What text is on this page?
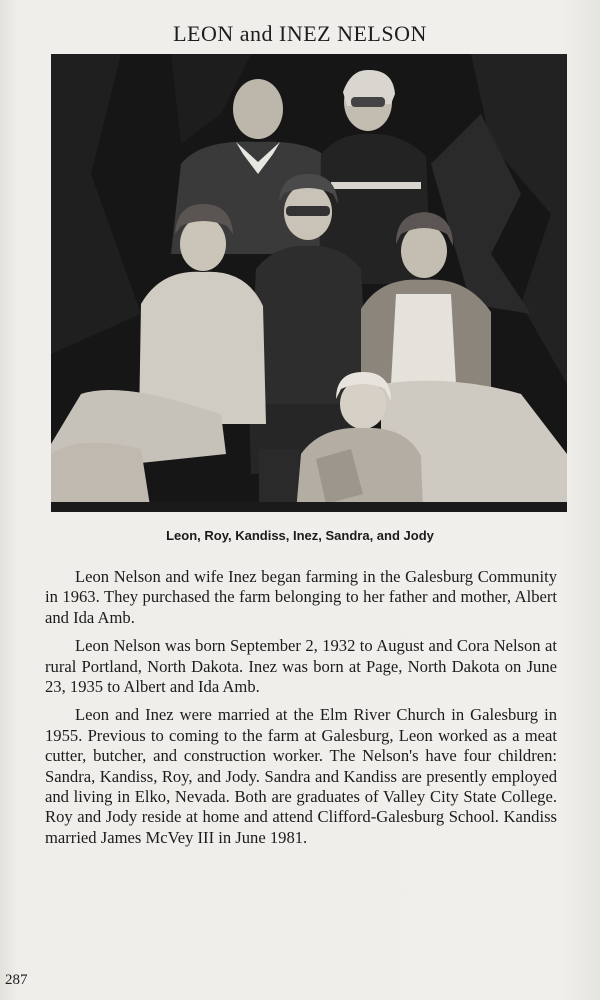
LEON and INEZ NELSON
Leon, Roy, Kandiss, Inez, Sandra, and Jody

Leon Nelson and wife Inez began farming in the Galesburg Community in 1963. They purchased the farm belonging to her father and mother, Albert and Ida Amb.

Leon Nelson was born September 2, 1932 to August and Cora Nelson at rural Portland, North Dakota. Inez was born at Page, North Dakota on June 23, 1935 to Albert and Ida Amb.

Leon and Inez were married at the Elm River Church in Galesburg in 1955. Previous to coming to the farm at Galesburg, Leon worked as a meat cutter, butcher, and construction worker. The Nelson's have four children: Sandra, Kandiss, Roy, and Jody. Sandra and Kandiss are presently employed and living in Elko, Nevada. Both are graduates of Valley City State College. Roy and Jody reside at home and attend Clifford-Galesburg School. Kandiss married James McVey III in June 1981.

287
